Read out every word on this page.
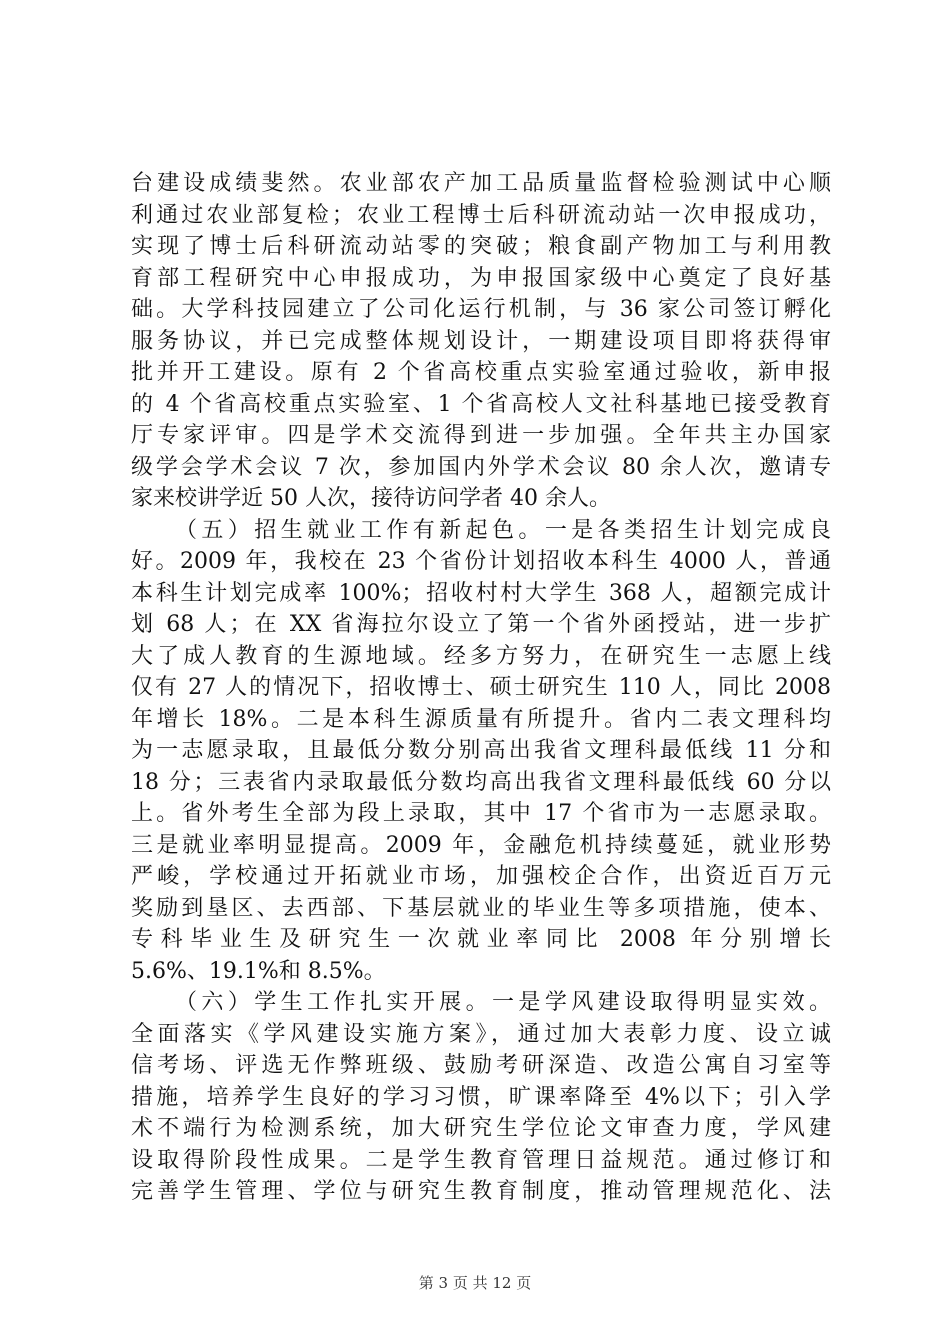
台建设成绩斐然。农业部农产加工品质量监督检验测试中心顺
利通过农业部复检；农业工程博士后科研流动站一次申报成功，
实现了博士后科研流动站零的突破；粮食副产物加工与利用教
育部工程研究中心申报成功，为申报国家级中心奠定了良好基
础。大学科技园建立了公司化运行机制，与 36 家公司签订孵化
服务协议，并已完成整体规划设计，一期建设项目即将获得审
批并开工建设。原有 2 个省高校重点实验室通过验收，新申报
的 4 个省高校重点实验室、1 个省高校人文社科基地已接受教育
厅专家评审。四是学术交流得到进一步加强。全年共主办国家
级学会学术会议 7 次，参加国内外学术会议 80 余人次，邀请专
家来校讲学近 50 人次，接待访问学者 40 余人。
（五）招生就业工作有新起色。一是各类招生计划完成良
好。2009 年，我校在 23 个省份计划招收本科生 4000 人，普通
本科生计划完成率 100%；招收村村大学生 368 人，超额完成计
划 68 人；在 XX 省海拉尔设立了第一个省外函授站，进一步扩
大了成人教育的生源地域。经多方努力，在研究生一志愿上线
仅有 27 人的情况下，招收博士、硕士研究生 110 人，同比 2008
年增长 18%。二是本科生源质量有所提升。省内二表文理科均
为一志愿录取，且最低分数分别高出我省文理科最低线 11 分和
18 分；三表省内录取最低分数均高出我省文理科最低线 60 分以
上。省外考生全部为段上录取，其中 17 个省市为一志愿录取。
三是就业率明显提高。2009 年，金融危机持续蔓延，就业形势
严峻，学校通过开拓就业市场，加强校企合作，出资近百万元
奖励到垦区、去西部、下基层就业的毕业生等多项措施，使本、
专科毕业生及研究生一次就业率同比 2008 年分别增长
5.6%、19.1%和 8.5%。
（六）学生工作扎实开展。一是学风建设取得明显实效。
全面落实《学风建设实施方案》，通过加大表彰力度、设立诚
信考场、评选无作弊班级、鼓励考研深造、改造公寓自习室等
措施，培养学生良好的学习习惯，旷课率降至 4%以下；引入学
术不端行为检测系统，加大研究生学位论文审查力度，学风建
设取得阶段性成果。二是学生教育管理日益规范。通过修订和
完善学生管理、学位与研究生教育制度，推动管理规范化、法
第 3 页 共 12 页
